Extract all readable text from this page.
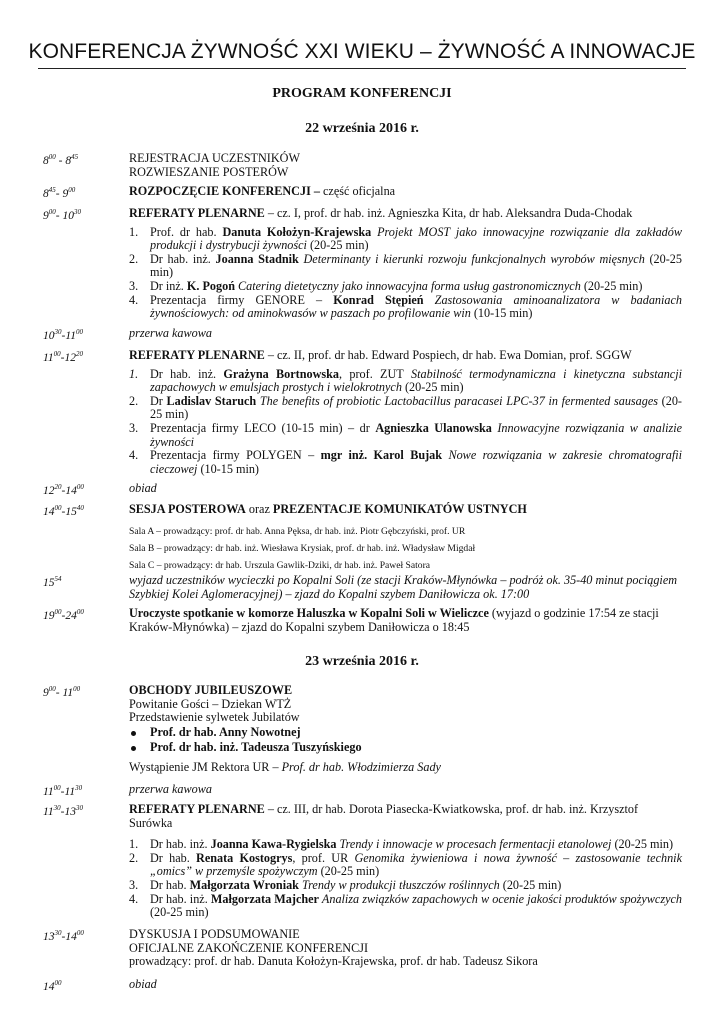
KONFERENCJA ŻYWNOŚĆ XXI WIEKU – ŻYWNOŚĆ A INNOWACJE
PROGRAM KONFERENCJI
22 września 2016 r.
$8^{00} - 8^{45}$	REJESTRACJA UCZESTNIKÓW
ROZWIESZANIE POSTERÓW
$8^{45}-$ $9^{00}$	ROZPOCZĘCIE KONFERENCJI – część oficjalna
$9^{00}-$ $10^{30}$	REFERATY PLENARNE – cz. I, prof. dr hab. inż. Agnieszka Kita, dr hab. Aleksandra Duda-Chodak
1. Prof. dr hab. Danuta Kołożyn-Krajewska Projekt MOST jako innowacyjne rozwiązanie dla zakładów produkcji i dystrybucji żywności (20-25 min)
2. Dr hab. inż. Joanna Stadnik Determinanty i kierunki rozwoju funkcjonalnych wyrobów mięsnych (20-25 min)
3. Dr inż. K. Pogoń Catering dietetyczny jako innowacyjna forma usług gastronomicznych (20-25 min)
4. Prezentacja firmy GENORE – Konrad Stępień Zastosowania aminoanalizatora w badaniach żywnościowych: od aminokwasów w paszach po profilowanie win (10-15 min)
$10^{30}-11^{00}$	przerwa kawowa
$11^{00}-12^{20}$	REFERATY PLENARNE – cz. II, prof. dr hab. Edward Pospiech, dr hab. Ewa Domian, prof. SGGW
1. Dr hab. inż. Grażyna Bortnowska, prof. ZUT Stabilność termodynamiczna i kinetyczna substancji zapachowych w emulsjach prostych i wielokrotnych (20-25 min)
2. Dr Ladislav Staruch The benefits of probiotic Lactobacillus paracasei LPC-37 in fermented sausages (20-25 min)
3. Prezentacja firmy LECO (10-15 min) – dr Agnieszka Ulanowska Innowacyjne rozwiązania w analizie żywności
4. Prezentacja firmy POLYGEN – mgr inż. Karol Bujak Nowe rozwiązania w zakresie chromatografii cieczowej (10-15 min)
$12^{20}-14^{00}$	obiad
$14^{00}-15^{40}$	SESJA POSTEROWA oraz PREZENTACJE KOMUNIKATÓW USTNYCH
Sala A – prowadzący: prof. dr hab. Anna Pęksa, dr hab. inż. Piotr Gębczyński, prof. UR
Sala B – prowadzący: dr hab. inż. Wiesława Krysiak, prof. dr hab. inż. Władysław Migdał
Sala C – prowadzący: dr hab. Urszula Gawlik-Dziki, dr hab. inż. Paweł Satora
$15^{54}$	wyjazd uczestników wycieczki po Kopalni Soli (ze stacji Kraków-Młynówka – podróż ok. 35-40 minut pociągiem Szybkiej Kolei Aglomeracyjnej) – zjazd do Kopalni szybem Daniłowicza ok. 17:00
$19^{00}-24^{00}$	Uroczyste spotkanie w komorze Haluszka w Kopalni Soli w Wieliczce (wyjazd o godzinie 17:54 ze stacji Kraków-Młynówka) – zjazd do Kopalni szybem Daniłowicza o 18:45
23 września 2016 r.
$9^{00}-$ $11^{00}$	OBCHODY JUBILEUSZOWE
Powitanie Gości – Dziekan WTŻ
Przedstawienie sylwetek Jubilatów
Prof. dr hab. Anny Nowotnej
Prof. dr hab. inż. Tadeusza Tuszyńskiego
Wystąpienie JM Rektora UR – Prof. dr hab. Włodzimierza Sady
$11^{00}-11^{30}$	przerwa kawowa
$11^{30}-13^{30}$	REFERATY PLENARNE – cz. III, dr hab. Dorota Piasecka-Kwiatkowska, prof. dr hab. inż. Krzysztof Surówka
1. Dr hab. inż. Joanna Kawa-Rygielska Trendy i innowacje w procesach fermentacji etanolowej (20-25 min)
2. Dr hab. Renata Kostogrys, prof. UR Genomika żywieniowa i nowa żywność – zastosowanie technik „omics” w przemyśle spożywczym (20-25 min)
3. Dr hab. Małgorzata Wroniak Trendy w produkcji tłuszczów roślinnych (20-25 min)
4. Dr hab. inż. Małgorzata Majcher Analiza związków zapachowych w ocenie jakości produktów spożywczych (20-25 min)
$13^{30}-14^{00}$	DYSKUSJA I PODSUMOWANIE
OFICJALNE ZAKOŃCZENIE KONFERENCJI
prowadzący: prof. dr hab. Danuta Kołożyn-Krajewska, prof. dr hab. Tadeusz Sikora
$14^{00}$	obiad
